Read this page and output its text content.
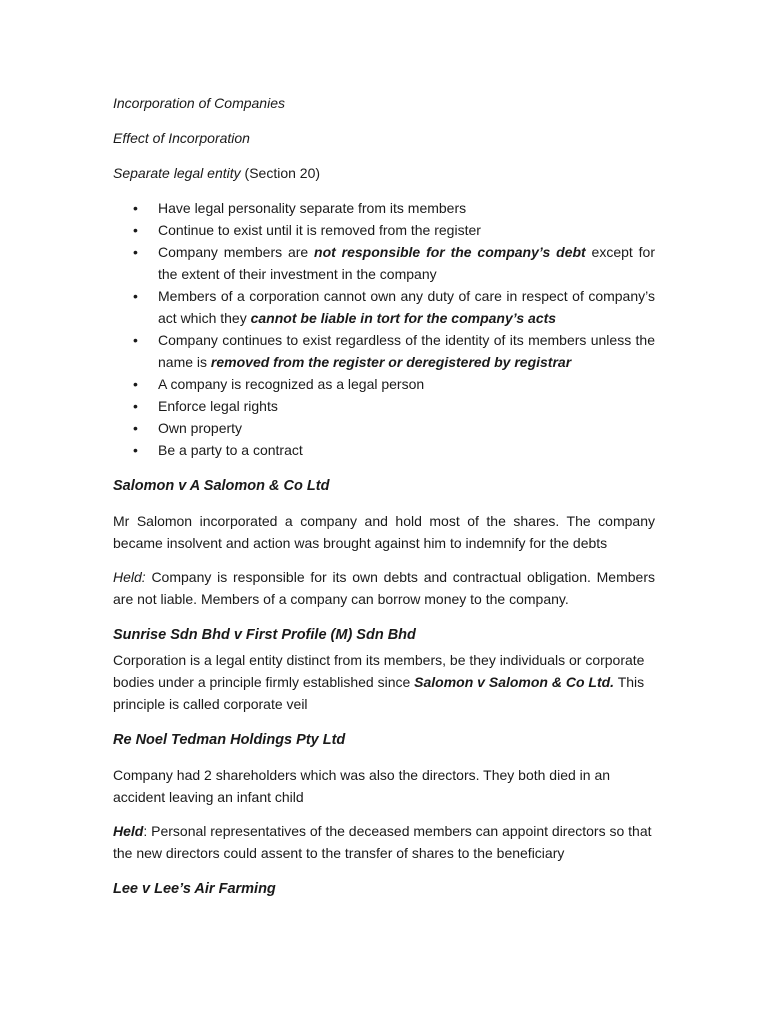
Incorporation of Companies

Effect of Incorporation

Separate legal entity (Section 20)

• Have legal personality separate from its members
• Continue to exist until it is removed from the register
• Company members are not responsible for the company’s debt except for the extent of their investment in the company
• Members of a corporation cannot own any duty of care in respect of company’s act which they cannot be liable in tort for the company’s acts
• Company continues to exist regardless of the identity of its members unless the name is removed from the register or deregistered by registrar
• A company is recognized as a legal person
• Enforce legal rights
• Own property
• Be a party to a contract

Salomon v A Salomon & Co Ltd

Mr Salomon incorporated a company and hold most of the shares. The company became insolvent and action was brought against him to indemnify for the debts

Held: Company is responsible for its own debts and contractual obligation. Members are not liable. Members of a company can borrow money to the company.

Sunrise Sdn Bhd v First Profile (M) Sdn Bhd

Corporation is a legal entity distinct from its members, be they individuals or corporate bodies under a principle firmly established since Salomon v Salomon & Co Ltd. This principle is called corporate veil

Re Noel Tedman Holdings Pty Ltd

Company had 2 shareholders which was also the directors. They both died in an accident leaving an infant child

Held: Personal representatives of the deceased members can appoint directors so that the new directors could assent to the transfer of shares to the beneficiary

Lee v Lee’s Air Farming
